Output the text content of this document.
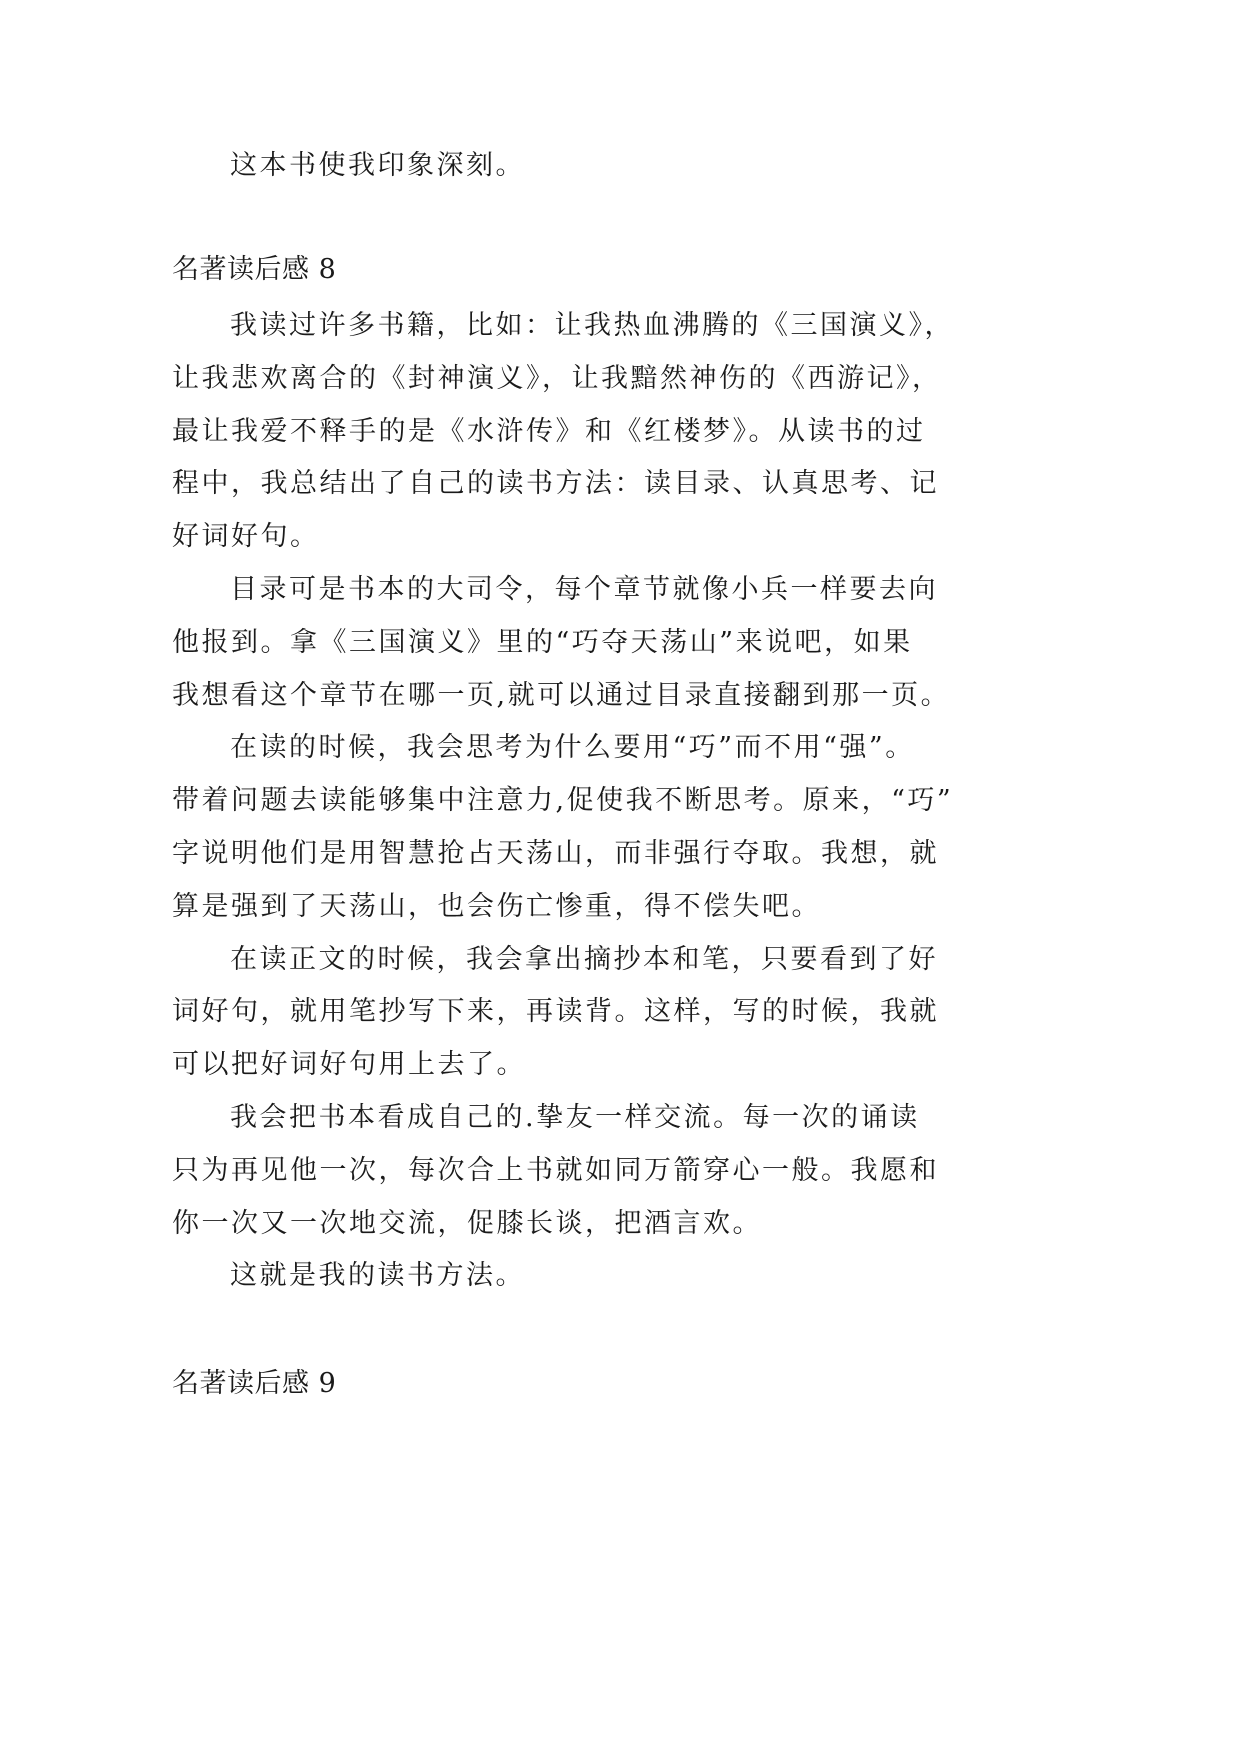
这本书使我印象深刻。
名著读后感 8
我读过许多书籍，比如：让我热血沸腾的《三国演义》，
让我悲欢离合的《封神演义》，让我黯然神伤的《西游记》，
最让我爱不释手的是《水浒传》和《红楼梦》。从读书的过
程中，我总结出了自己的读书方法：读目录、认真思考、记
好词好句。
目录可是书本的大司令，每个章节就像小兵一样要去向
他报到。拿《三国演义》里的“巧夺天荡山”来说吧，如果
我想看这个章节在哪一页,就可以通过目录直接翻到那一页。
在读的时候，我会思考为什么要用“巧”而不用“强”。
带着问题去读能够集中注意力,促使我不断思考。原来，“巧”
字说明他们是用智慧抢占天荡山，而非强行夺取。我想，就
算是强到了天荡山，也会伤亡惨重，得不偿失吧。
在读正文的时候，我会拿出摘抄本和笔，只要看到了好
词好句，就用笔抄写下来，再读背。这样，写的时候，我就
可以把好词好句用上去了。
我会把书本看成自己的.挚友一样交流。每一次的诵读
只为再见他一次，每次合上书就如同万箭穿心一般。我愿和
你一次又一次地交流，促膝长谈，把酒言欢。
这就是我的读书方法。
名著读后感 9
